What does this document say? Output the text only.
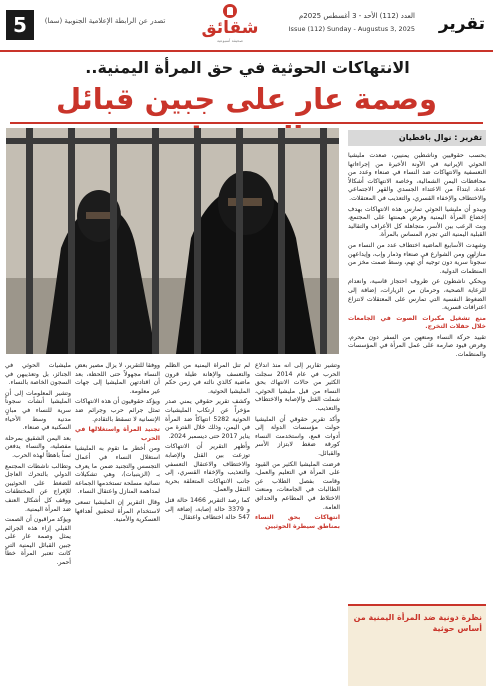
5	تصدر عن الرابطة الإعلامية الجنوبية (سما) شقائق
صحيفة أسبوعية
العدد (112) الأحد - 3 أغسطس 2025م
Issue (112) Sunday - Augustus 3, 2025	تقرير
الانتهاكات الحوثية في حق المرأة اليمنية..
وصمة عار على جبين قبائل
تقرير : نوال باقطيان

بحسب حقوقيين وناشطين يمنيين، صعدت مليشيا الحوثي الإيرانية في الآونة الأخيرة من إجراءاتها التعسفية والانتهاكات ضد النساء في صنعاء وعدد من محافظات اليمن الشمالية، وخاصة الانتهاكات أشكالاً عدة، ابتداءً من الاعتداء الجسدي والقهر الاجتماعي والاختطاف والإخفاء القسري، والتعذيب في المعتقلات.

ويبدو أن مليشيا الحوثي تمارس هذه الانتهاكات بهدف إخضاع المرأة اليمنية وفرض هيمنتها على المجتمع، وبث الرعب بين الأسر، متجاهلة كل الأعراف والتقاليد القبلية اليمنية التي تجرم المساس بالمرأة.

وشهدت الأسابيع الماضية اختطاف عدد من النساء من منازلهن ومن الشوارع في صنعاء وذمار وإب، وإيداعهن سجوناً سرية دون توجيه أي تهم، وسط صمت مخز من المنظمات الدولية.

ويحكي ناشطون عن ظروف احتجاز قاسية، وانعدام للرعاية الصحية، وحرمان من الزيارات، إضافة إلى الضغوط النفسية التي تمارس على المعتقلات لانتزاع اعترافات قسرية.

منع تشغيل مكبرات الصوت في الجامعات خلال حفلات التخرج.

تقييد حركة النساء ومنعهن من السفر دون محرم، وفرض قيود صارمة على عمل المرأة في المؤسسات والمنظمات.

وتشير تقارير إلى أنه منذ اندلاع الحرب في عام 2014 سجلت الكثير من حالات الانتهاك بحق النساء من قبل مليشيا الحوثي، شملت القتل والإصابة والاختطاف والتعذيب.

وأكد تقرير حقوقي أن المليشيا حولت مؤسسات الدولة إلى أدوات قمع، واستخدمت النساء كورقة ضغط لابتزاز الأسر والقبائل.

فرضت المليشيا الكثير من القيود على المرأة في التعليم والعمل، وقامت بفصل الطلاب عن الطالبات في الجامعات، ومنعت الاختلاط في المطاعم والحدائق العامة.

انتهاكات بحق النساء بمناطق سيطرة الحوثيين

لم تنل المرأة اليمنية من الظلم والتعسف والإهانة طيلة قرون ماضية كالذي نالته في زمن حكم المليشيا الحوثية.

وكشف تقرير حقوقي يمني صدر مؤخراً عن ارتكاب المليشيات الحوثية 5282 انتهاكاً ضد المرأة في اليمن، وذلك خلال الفترة من يناير 2017 حتى ديسمبر 2024.

وأظهر التقرير أن الانتهاكات توزعت بين القتل والإصابة والاختطاف والاعتقال التعسفي والتعذيب والإخفاء القسري، إلى جانب الانتهاكات المتعلقة بحرية التنقل والعمل.

كما رصد التقرير 1466 حالة قتل و 3379 حالة إصابة، إضافة إلى 547 حالة اختطاف واعتقال.

ووفقاً للتقرير، لا يزال مصير بعض النساء مجهولاً حتى اللحظة، بعد أن اقتادتهن المليشيا إلى جهات غير معلومة.

ويؤكد حقوقيون أن هذه الانتهاكات تمثل جرائم حرب وجرائم ضد الإنسانية لا تسقط بالتقادم.

تجنيد المرأة واستغلالها في الحرب

ومن أخطر ما تقوم به المليشيا استغلال النساء في أعمال التجسس والتجنيد ضمن ما يعرف بـ (الزينبيات)، وهي تشكيلات نسائية مسلحة تستخدمها الجماعة لمداهمة المنازل واعتقال النساء.

وقال التقرير إن المليشيا تسعى لاستخدام المرأة لتحقيق أهدافها العسكرية والأمنية.

مليشيات الحوثي في الجنائز، بل وتعذيبهن في السجون الخاصة بالنساء.

وتشير المعلومات إلى أن المليشيا أنشأت سجوناً سرية للنساء في مبانٍ مدنية وسط الأحياء السكنية في صنعاء.

بعد اليمن الشقيق بمرحلة مفصلية، والنساء يدفعن ثمناً باهظاً لهذه الحرب.

وتطالب ناشطات المجتمع الدولي بالتحرك العاجل للضغط على الحوثيين للإفراج عن المختطفات ووقف كل أشكال العنف ضد المرأة اليمنية.

ويؤكد مراقبون أن الصمت القبلي إزاء هذه الجرائم يمثل وصمة عار على جبين القبائل اليمنية التي كانت تعتبر المرأة خطاً أحمر.

نظرة دونية ضد المرأة اليمنية من أساس حوثية
